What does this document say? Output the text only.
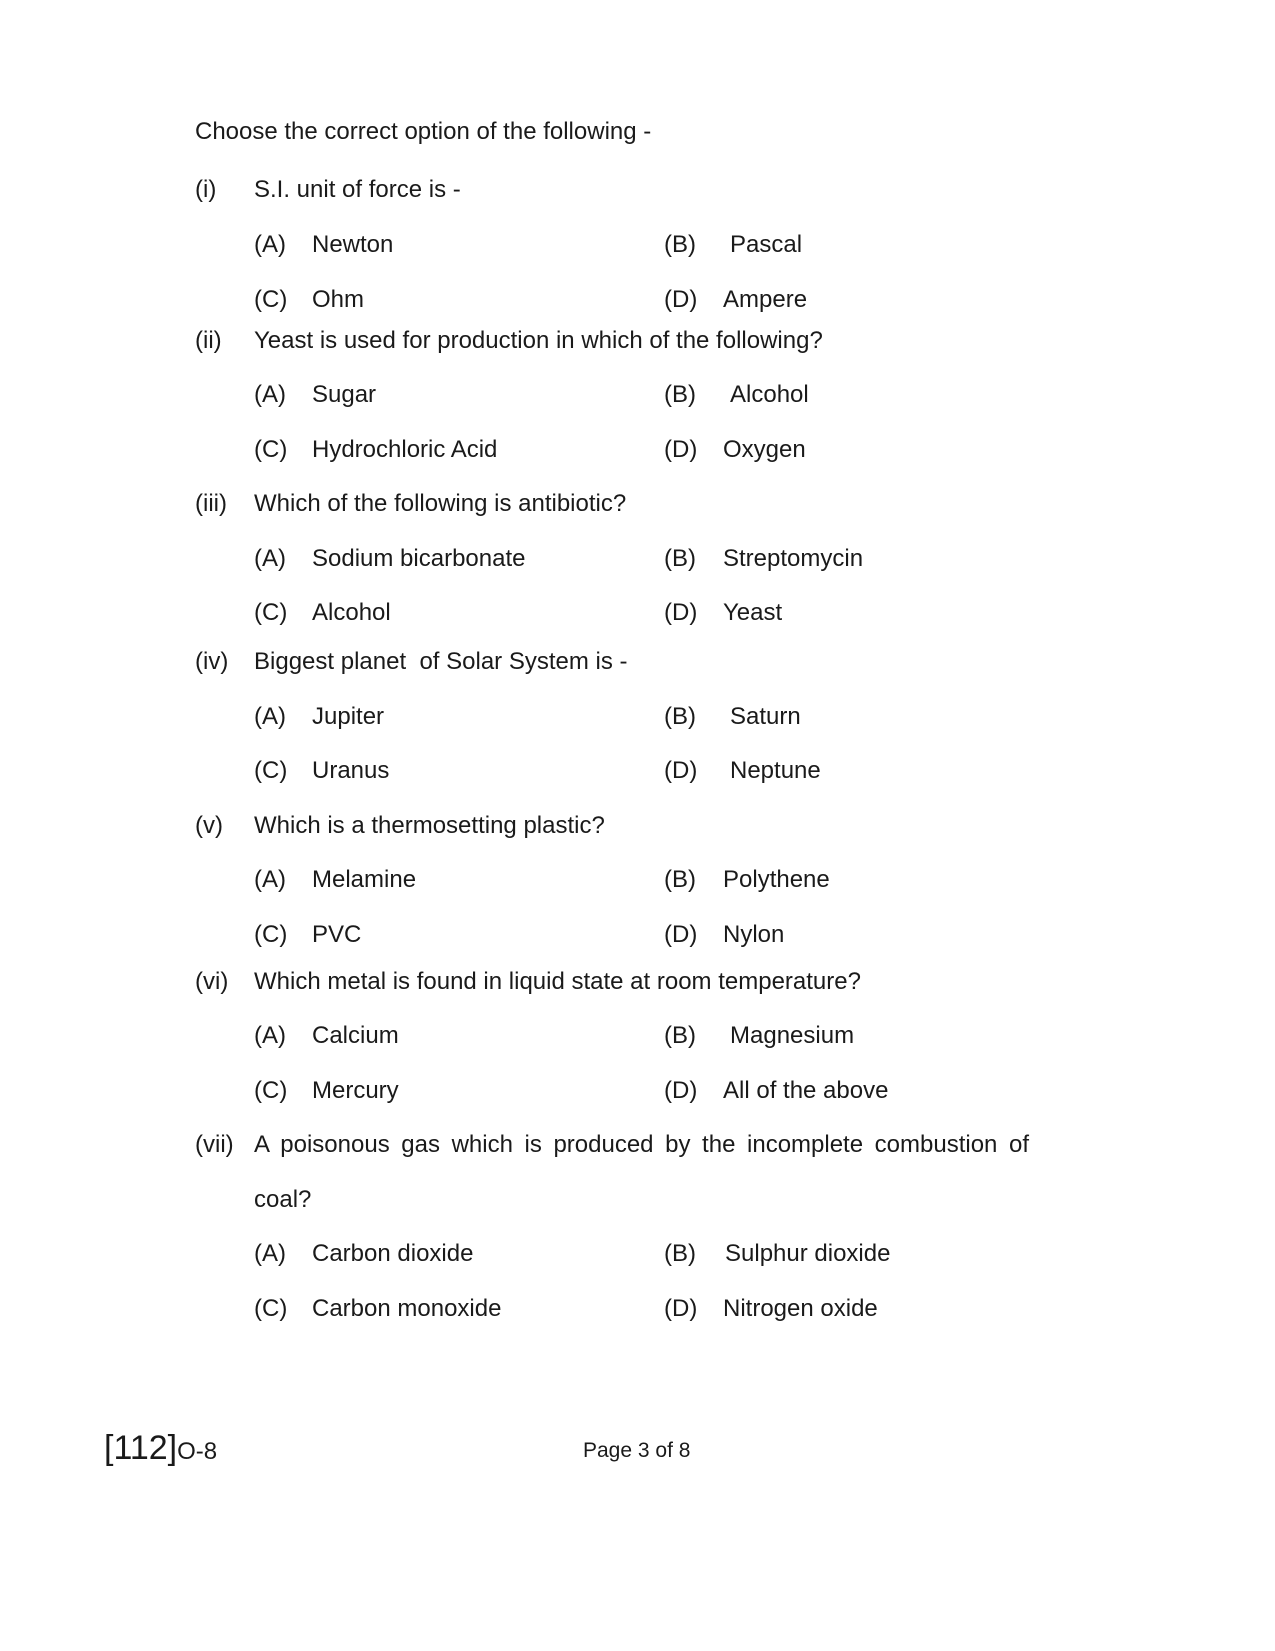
Choose the correct option of the following -
(i) S.I. unit of force is -
(A) Newton	(B) Pascal
(C) Ohm	(D) Ampere
(ii) Yeast is used for production in which of the following?
(A) Sugar	(B) Alcohol
(C) Hydrochloric Acid	(D) Oxygen
(iii) Which of the following is antibiotic?
(A) Sodium bicarbonate	(B) Streptomycin
(C) Alcohol	(D) Yeast
(iv) Biggest planet  of Solar System is -
(A) Jupiter	(B) Saturn
(C) Uranus	(D) Neptune
(v) Which is a thermosetting plastic?
(A) Melamine	(B) Polythene
(C) PVC	(D) Nylon
(vi) Which metal is found in liquid state at room temperature?
(A) Calcium	(B) Magnesium
(C) Mercury	(D) All of the above
(vii) A poisonous gas which is produced by the incomplete combustion of
coal?
(A) Carbon dioxide	(B) Sulphur dioxide
(C) Carbon monoxide	(D) Nitrogen oxide
[112]O-8	Page 3 of 8
